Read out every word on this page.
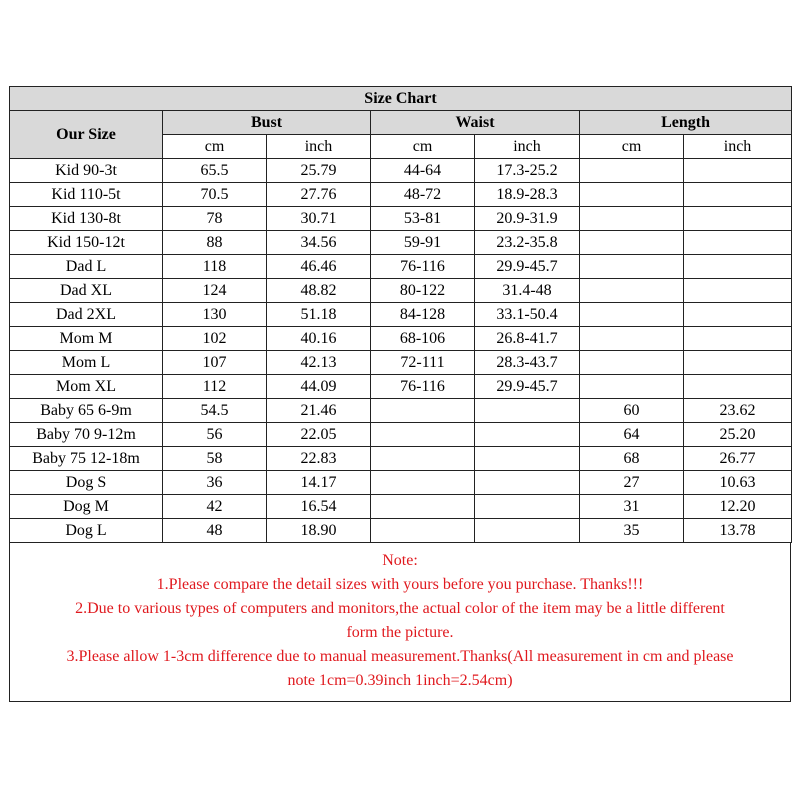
Size Chart						
Our Size	Bust		Waist		Length	
	cm	inch	cm	inch	cm	inch
Kid 90-3t	65.5	25.79	44-64	17.3-25.2		
Kid 110-5t	70.5	27.76	48-72	18.9-28.3		
Kid 130-8t	78	30.71	53-81	20.9-31.9		
Kid 150-12t	88	34.56	59-91	23.2-35.8		
Dad L	118	46.46	76-116	29.9-45.7		
Dad XL	124	48.82	80-122	31.4-48		
Dad 2XL	130	51.18	84-128	33.1-50.4		
Mom M	102	40.16	68-106	26.8-41.7		
Mom L	107	42.13	72-111	28.3-43.7		
Mom XL	112	44.09	76-116	29.9-45.7		
Baby 65 6-9m	54.5	21.46			60	23.62
Baby 70 9-12m	56	22.05			64	25.20
Baby 75 12-18m	58	22.83			68	26.77
Dog S	36	14.17			27	10.63
Dog M	42	16.54			31	12.20
Dog L	48	18.90			35	13.78
Note:
1.Please compare the detail sizes with yours before you purchase. Thanks!!!
2.Due to various types of computers and monitors,the actual color of the item may be a little different
form the picture.
3.Please allow 1-3cm difference due to manual measurement.Thanks(All measurement in cm and please
note 1cm=0.39inch 1inch=2.54cm)
